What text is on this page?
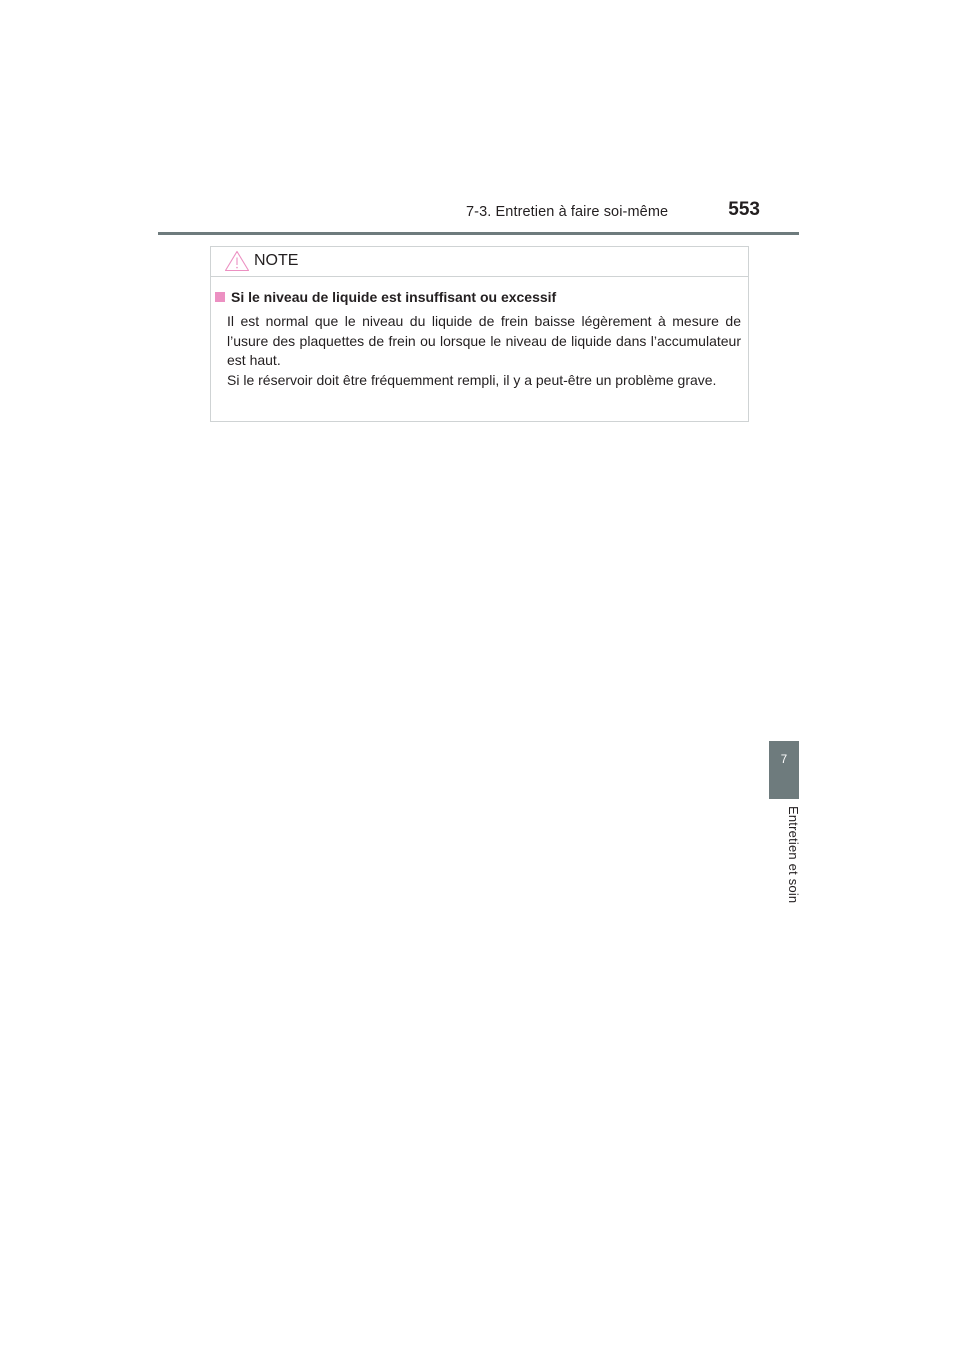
7-3. Entretien à faire soi-même	553
7
Entretien et soin
NOTE

Si le niveau de liquide est insuffisant ou excessif

Il est normal que le niveau du liquide de frein baisse légèrement à mesure de l’usure des plaquettes de frein ou lorsque le niveau de liquide dans l’accumulateur est haut.

Si le réservoir doit être fréquemment rempli, il y a peut-être un problème grave.
